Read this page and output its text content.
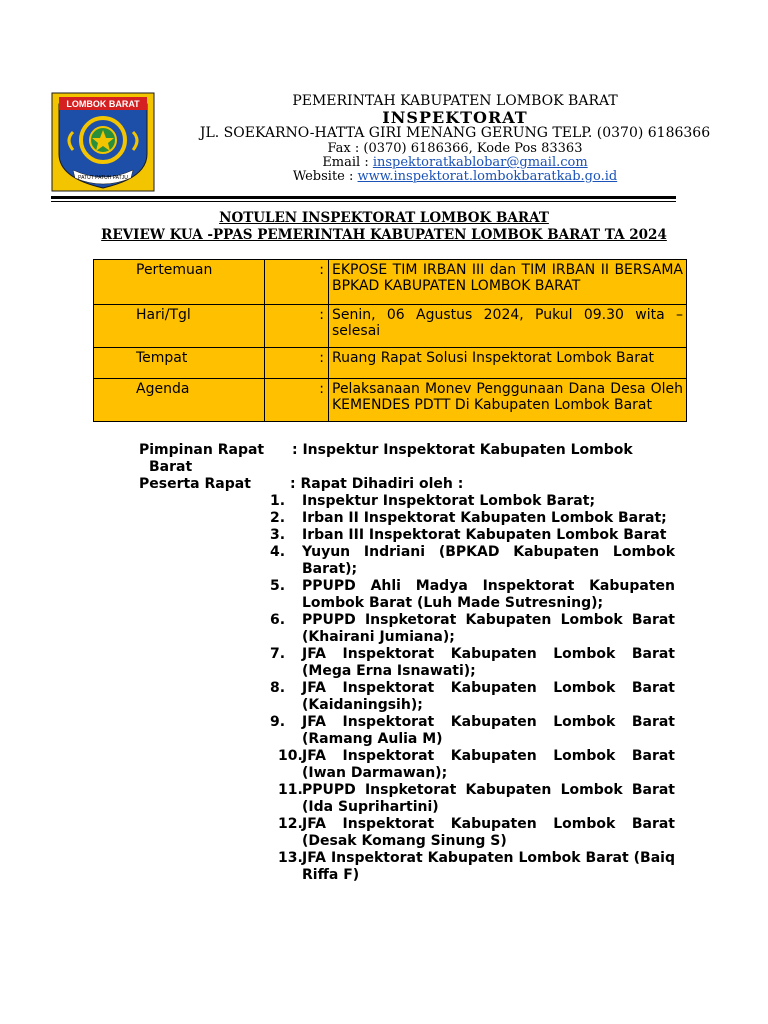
LOMBOK BARAT
PATUT PATUH PATJU
PEMERINTAH KABUPATEN LOMBOK BARAT
INSPEKTORAT
JL. SOEKARNO-HATTA GIRI MENANG GERUNG TELP. (0370) 6186366
Fax : (0370) 6186366, Kode Pos 83363
Email : inspektoratkablobar@gmail.com
Website : www.inspektorat.lombokbaratkab.go.id
NOTULEN INSPEKTORAT LOMBOK BARAT
REVIEW KUA -PPAS PEMERINTAH KABUPATEN LOMBOK BARAT TA 2024
Pertemuan	:	EKPOSE TIM IRBAN III dan TIM IRBAN II BERSAMA BPKAD KABUPATEN LOMBOK BARAT
Hari/Tgl	:	Senin, 06 Agustus 2024, Pukul 09.30 wita – selesai
Tempat	:	Ruang Rapat Solusi Inspektorat Lombok Barat
Agenda	:	Pelaksanaan Monev Penggunaan Dana Desa Oleh KEMENDES PDTT Di Kabupaten Lombok Barat
Pimpinan Rapat : Inspektur Inspektorat Kabupaten Lombok
Barat
Peserta Rapat	: Rapat Dihadiri oleh :
1.	Inspektur Inspektorat Lombok Barat;
2.	Irban II Inspektorat Kabupaten Lombok Barat;
3.	Irban III Inspektorat Kabupaten Lombok Barat
4.	Yuyun Indriani (BPKAD Kabupaten Lombok Barat);
5.	PPUPD Ahli Madya Inspektorat Kabupaten Lombok Barat (Luh Made Sutresning);
6.	PPUPD Inspketorat Kabupaten Lombok Barat (Khairani Jumiana);
7.	JFA Inspektorat Kabupaten Lombok Barat (Mega Erna Isnawati);
8.	JFA Inspektorat Kabupaten Lombok Barat (Kaidaningsih);
9.	JFA Inspektorat Kabupaten Lombok Barat (Ramang Aulia M)
10. JFA Inspektorat Kabupaten Lombok Barat (Iwan Darmawan);
11. PPUPD Inspketorat Kabupaten Lombok Barat (Ida Suprihartini)
12. JFA Inspektorat Kabupaten Lombok Barat (Desak Komang Sinung S)
13. JFA Inspektorat Kabupaten Lombok Barat (Baiq Riffa F)
